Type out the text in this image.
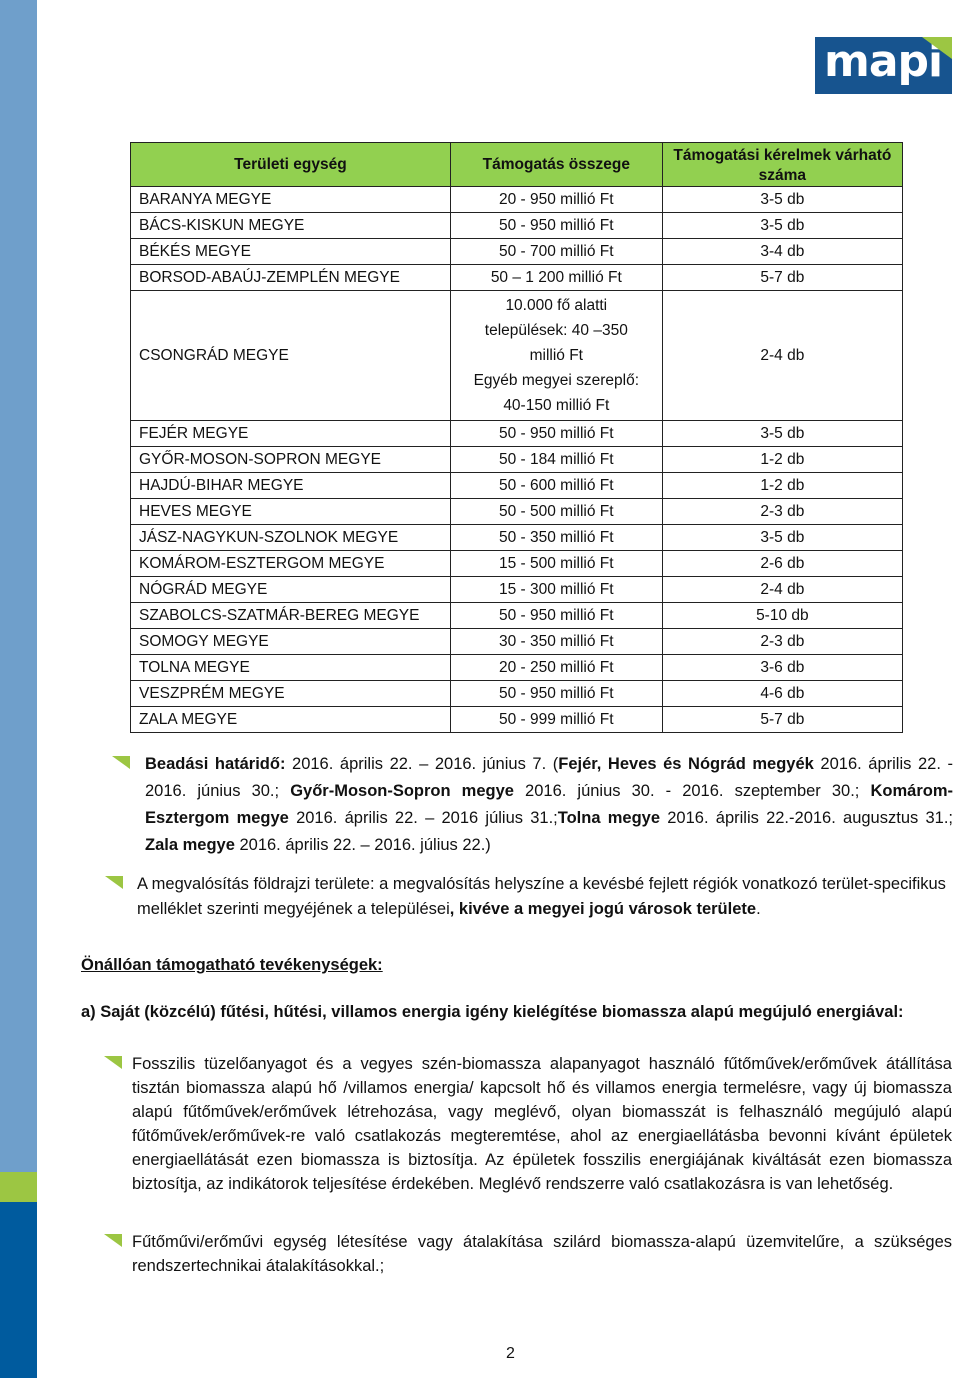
mapi
Területi egység	Támogatás összege	Támogatási kérelmek várható száma
BARANYA MEGYE	20 - 950 millió Ft	3-5 db
BÁCS-KISKUN MEGYE	50 - 950 millió Ft	3-5 db
BÉKÉS MEGYE	50 - 700 millió Ft	3-4 db
BORSOD-ABAÚJ-ZEMPLÉN MEGYE	50 – 1 200 millió Ft	5-7 db
CSONGRÁD MEGYE	10.000 fő alatti
települések: 40 –350
millió Ft
Egyéb megyei szereplő:
40-150 millió Ft	2-4 db
FEJÉR MEGYE	50 - 950 millió Ft	3-5 db
GYŐR-MOSON-SOPRON MEGYE	50 - 184 millió Ft	1-2 db
HAJDÚ-BIHAR MEGYE	50 - 600 millió Ft	1-2 db
HEVES MEGYE	50 - 500 millió Ft	2-3 db
JÁSZ-NAGYKUN-SZOLNOK MEGYE	50 - 350 millió Ft	3-5 db
KOMÁROM-ESZTERGOM MEGYE	15 - 500 millió Ft	2-6 db
NÓGRÁD MEGYE	15 - 300 millió Ft	2-4 db
SZABOLCS-SZATMÁR-BEREG MEGYE	50 - 950 millió Ft	5-10 db
SOMOGY MEGYE	30 - 350 millió Ft	2-3 db
TOLNA MEGYE	20 - 250 millió Ft	3-6 db
VESZPRÉM MEGYE	50 - 950 millió Ft	4-6 db
ZALA MEGYE	50 - 999 millió Ft	5-7 db
Beadási határidő: 2016. április 22. – 2016. június 7. (Fejér, Heves és Nógrád megyék 2016. április 22. - 2016. június 30.; Győr-Moson-Sopron megye 2016. június 30. - 2016. szeptember 30.; Komárom-Esztergom megye 2016. április 22. – 2016 július 31.;Tolna megye 2016. április 22.-2016. augusztus 31.; Zala megye 2016. április 22. – 2016. július 22.)
A megvalósítás földrajzi területe: a megvalósítás helyszíne a kevésbé fejlett régiók vonatkozó terület-specifikus melléklet szerinti megyéjének a települései, kivéve a megyei jogú városok területe.
Önállóan támogatható tevékenységek:
a) Saját (közcélú) fűtési, hűtési, villamos energia igény kielégítése biomassza alapú megújuló energiával:
Fosszilis tüzelőanyagot és a vegyes szén-biomassza alapanyagot használó fűtőművek/erőművek átállítása tisztán biomassza alapú hő /villamos energia/ kapcsolt hő és villamos energia termelésre, vagy új biomassza alapú fűtőművek/erőművek létrehozása, vagy meglévő, olyan biomasszát is felhasználó megújuló alapú fűtőművek/erőművek-re való csatlakozás megteremtése, ahol az energiaellátásba bevonni kívánt épületek energiaellátását ezen biomassza is biztosítja. Az épületek fosszilis energiájának kiváltását ezen biomassza biztosítja, az indikátorok teljesítése érdekében. Meglévő rendszerre való csatlakozásra is van lehetőség.
Fűtőművi/erőművi egység létesítése vagy átalakítása szilárd biomassza-alapú üzemvitelűre, a szükséges rendszertechnikai átalakításokkal.;
2
